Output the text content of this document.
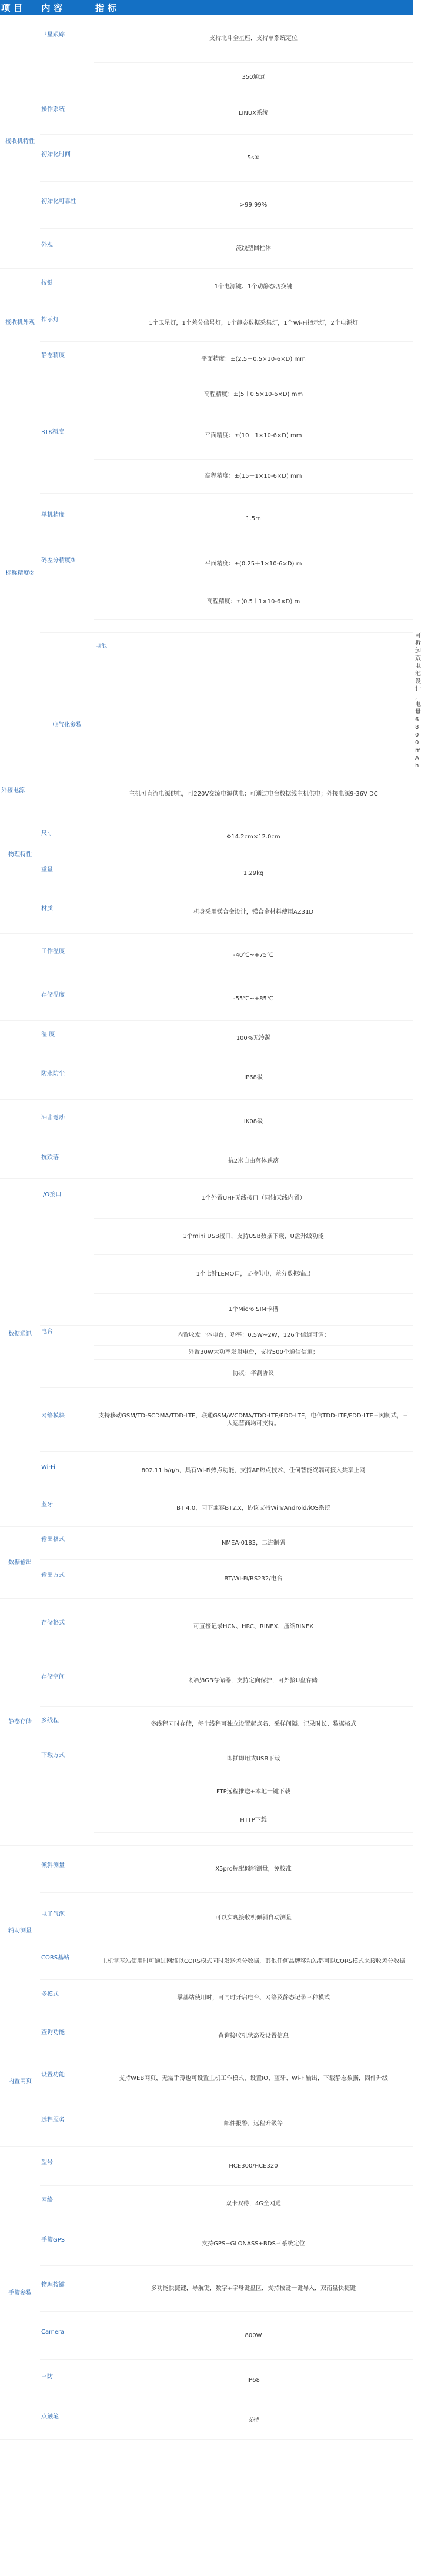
项 目	内 容	指 标	
接收机特性	卫星跟踪	支持北斗全星座，支持单系统定位	
		350通道	
	操作系统	LINUX系统	
	初始化时间	5s①	
	初始化可靠性	>99.99%	
	外观	流线型圆柱体	
接收机外观	按键	1个电源键、1个动静态切换键	
	指示灯	1个卫星灯，1个差分信号灯，1个静态数据采集灯，1个Wi-Fi指示灯，2个电源灯	
	静态精度	平面精度：±(2.5＋0.5×10-6×D) mm	
标称精度②		高程精度：±(5＋0.5×10-6×D) mm	
	RTK精度	平面精度：±(10＋1×10-6×D) mm	
		高程精度：±(15＋1×10-6×D) mm	
	单机精度	1.5m	
	码差分精度③	平面精度：±(0.25＋1×10-6×D) m	
		高程精度：±(0.5＋1×10-6×D) m	

	电气化参数	电池	可拆卸双电池设计，电量6800mAh
外接电源		主机可直流电源供电，可220V交流电源供电；可通过电台数据线主机供电；外接电源9-36V DC	
物理特性	尺寸	Φ14.2cm×12.0cm	
	重量	1.29kg	
	材质	机身采用镁合金设计，镁合金材料使用AZ31D	
	工作温度	-40℃~+75℃	
	存储温度	-55℃~+85℃	
	湿 度	100%无冷凝	
	防水防尘	IP68级	
	冲击震动	IK08级	
	抗跌落	抗2米自由落体跌落	
数据通讯	I/O接口	1个外置UHF无线接口（同轴天线内置）	
		1个mini USB接口，支持USB数据下载，U盘升级功能	
		1个七针LEMO口，支持供电，差分数据输出	
		1个Micro SIM卡槽	
	电台	内置收发一体电台，功率：0.5W~2W，126个信道可调；	
		外置30W大功率发射电台，支持500个通信信道；	
		协议：华测协议	
	网络模块	支持移动GSM/TD-SCDMA/TDD-LTE，联通GSM/WCDMA/TDD-LTE/FDD-LTE，电信TDD-LTE/FDD-LTE三网制式，三大运营商均可支持。	
	Wi-Fi	802.11 b/g/n，具有Wi-Fi热点功能，支持AP热点技术，任何智能终端可接入共享上网	
	蓝牙	BT 4.0，同下兼容BT2.x，协议支持Win/Android/iOS系统	
数据输出	输出格式	NMEA-0183，二进制码	
	输出方式	BT/Wi-Fi/RS232/电台	
静态存储	存储格式	可直接记录HCN、HRC、RINEX，压缩RINEX	
	存储空间	标配8GB存储器，支持定向保护，可外接U盘存储	
	多线程	多线程同时存储，每个线程可独立设置起点名、采样间隔、记录时长、数据格式	
	下载方式	即插即用式USB下载	
		FTP远程推送+本地一键下载	
		HTTP下载	

辅助测量	倾斜测量	X5pro标配倾斜测量，免校准	
	电子气泡	可以实现接收机倾斜自动测量	
	CORS基站	主机掌基站使用时可通过网络以CORS模式同时发送差分数据，其他任何品牌移动站都可以CORS模式来接收差分数据	
	多模式	掌基站使用时，可同时开启电台、网络及静态记录三种模式	
内置网页	查询功能	查询接收机状态及设置信息	
	设置功能	支持WEB网页，无需手簿也可设置主机工作模式，设置IO、蓝牙、Wi-Fi输出，下载静态数据，固件升级	
	远程服务	邮件报警，远程升级等	
手簿参数	型号	HCE300/HCE320	
	网络	双卡双待，4G全网通	
	手簿GPS	支持GPS+GLONASS+BDS三系统定位	
	物理按键	多功能快捷键，导航键，数字+字母键盘区，支持按键一键导入，双南量快捷键	
	Camera	800W	
	三防	IP68	
	点触笔	支持	
